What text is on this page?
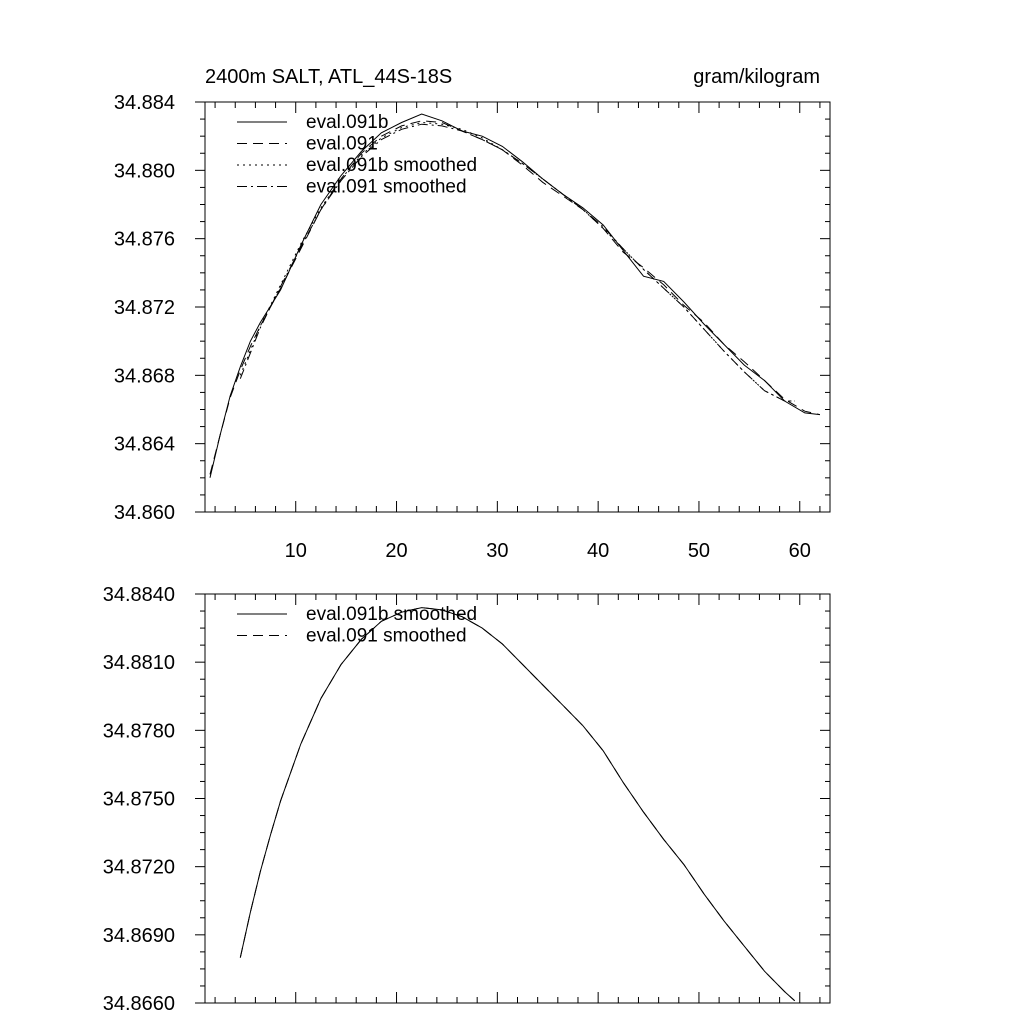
10	20	30	40	50	60
34.860
34.864
34.868
34.872
34.876
34.880
34.884
2400m SALT, ATL_44S-18S	gram/kilogram
eval.091b
eval.091
eval.091b smoothed
eval.091 smoothed
34.8660
34.8690
34.8720
34.8750
34.8780
34.8810
34.8840
eval.091b smoothed
eval.091 smoothed
